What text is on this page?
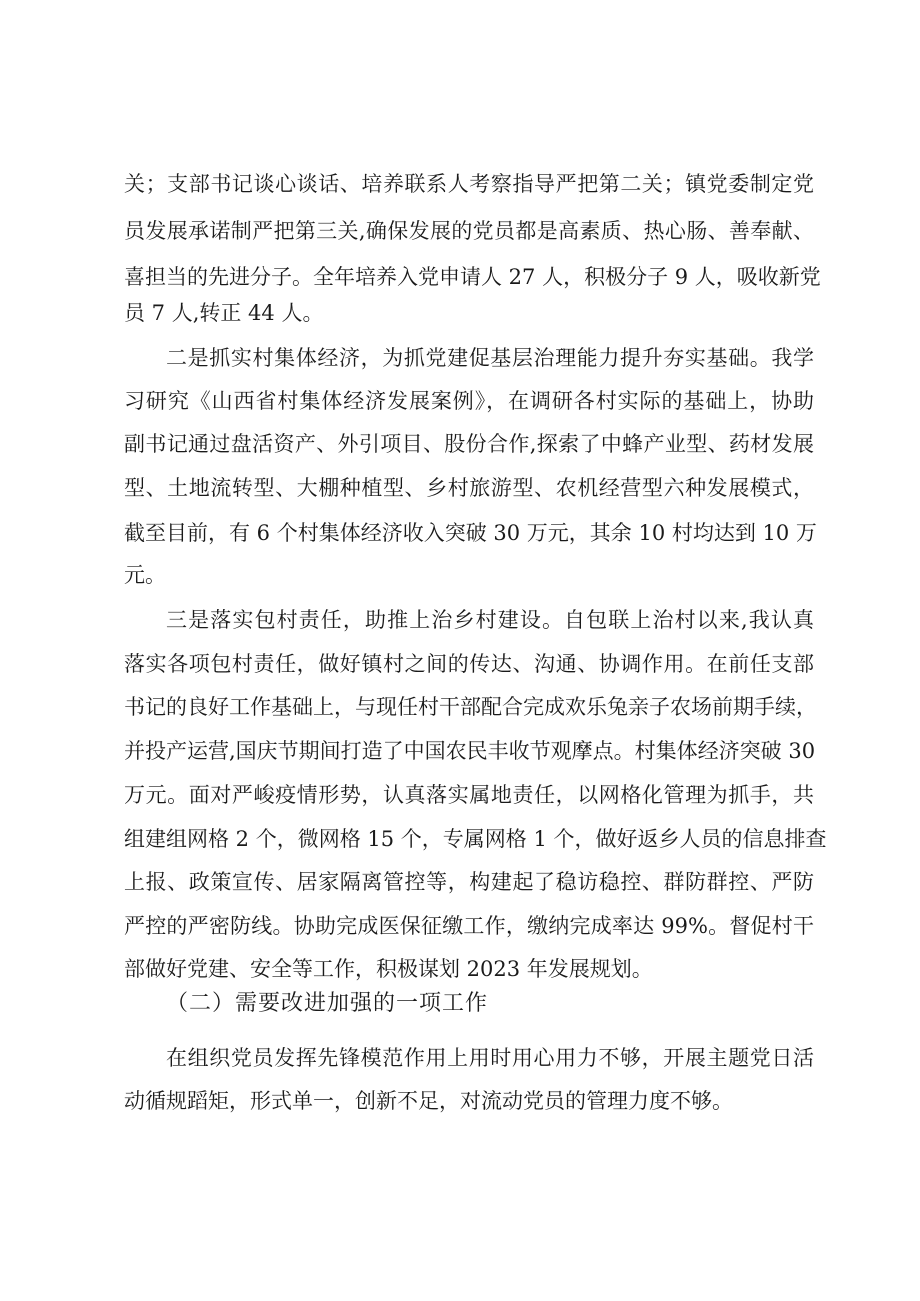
关；支部书记谈心谈话、培养联系人考察指导严把第二关；镇党委制定党
员发展承诺制严把第三关,确保发展的党员都是高素质、热心肠、善奉献、
喜担当的先进分子。全年培养入党申请人 27 人，积极分子 9 人，吸收新党
员 7 人,转正 44 人。
二是抓实村集体经济，为抓党建促基层治理能力提升夯实基础。我学
习研究《山西省村集体经济发展案例》，在调研各村实际的基础上，协助
副书记通过盘活资产、外引项目、股份合作,探索了中蜂产业型、药材发展
型、土地流转型、大棚种植型、乡村旅游型、农机经营型六种发展模式，
截至目前，有 6 个村集体经济收入突破 30 万元，其余 10 村均达到 10 万
元。
三是落实包村责任，助推上治乡村建设。自包联上治村以来,我认真
落实各项包村责任，做好镇村之间的传达、沟通、协调作用。在前任支部
书记的良好工作基础上，与现任村干部配合完成欢乐兔亲子农场前期手续，
并投产运营,国庆节期间打造了中国农民丰收节观摩点。村集体经济突破 30
万元。面对严峻疫情形势，认真落实属地责任，以网格化管理为抓手，共
组建组网格 2 个，微网格 15 个，专属网格 1 个，做好返乡人员的信息排查
上报、政策宣传、居家隔离管控等，构建起了稳访稳控、群防群控、严防
严控的严密防线。协助完成医保征缴工作，缴纳完成率达 99%。督促村干
部做好党建、安全等工作，积极谋划 2023 年发展规划。
（二）需要改进加强的一项工作
在组织党员发挥先锋模范作用上用时用心用力不够，开展主题党日活
动循规蹈矩，形式单一，创新不足，对流动党员的管理力度不够。
